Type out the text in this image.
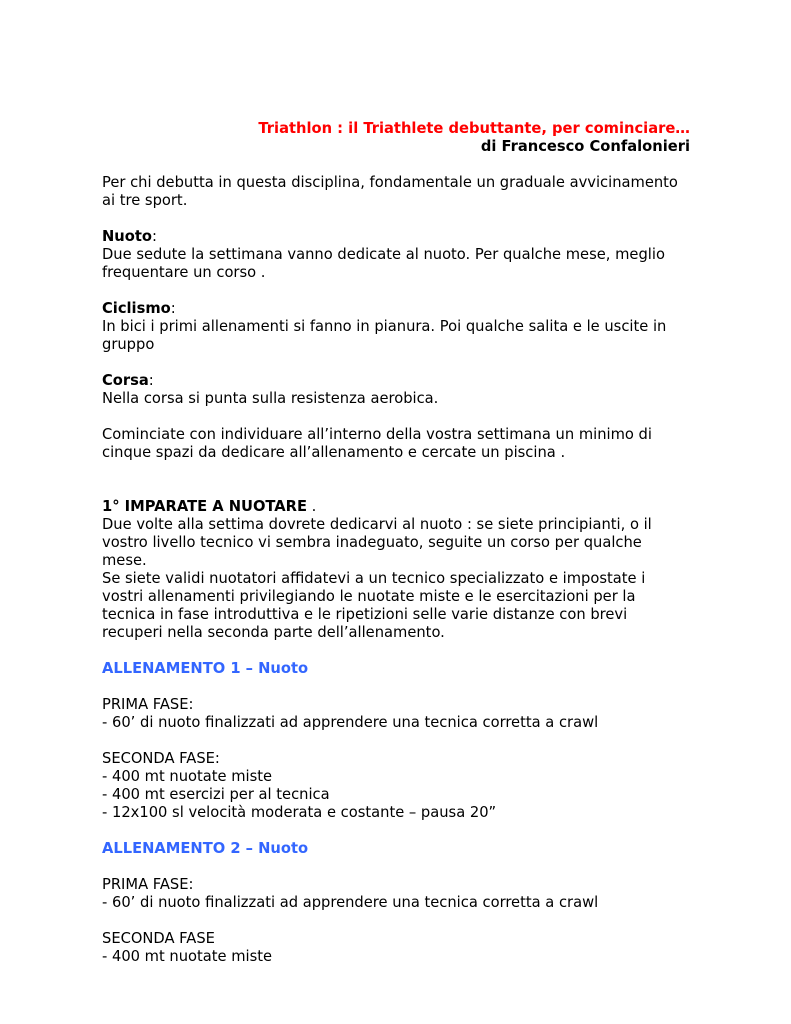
Triathlon : il Triathlete debuttante, per cominciare…
di Francesco Confalonieri

Per chi debutta in questa disciplina, fondamentale un graduale avvicinamento ai tre sport.

Nuoto:

Due sedute la settimana vanno dedicate al nuoto. Per qualche mese, meglio frequentare un corso .

Ciclismo:

In bici i primi allenamenti si fanno in pianura. Poi qualche salita e le uscite in gruppo

Corsa:

Nella corsa si punta sulla resistenza aerobica.

Cominciate con individuare all’interno della vostra settimana un minimo di cinque spazi da dedicare all’allenamento e cercate un piscina .

1° IMPARATE A NUOTARE .

Due volte alla settima dovrete dedicarvi al nuoto : se siete principianti, o il vostro livello tecnico vi sembra inadeguato, seguite un corso per qualche mese.

Se siete validi nuotatori affidatevi a un tecnico specializzato e impostate i vostri allenamenti privilegiando le nuotate miste e le esercitazioni per la tecnica in fase introduttiva e le ripetizioni selle varie distanze con brevi recuperi nella seconda parte dell’allenamento.

ALLENAMENTO 1 – Nuoto

PRIMA FASE:

- 60’ di nuoto finalizzati ad apprendere una tecnica corretta a crawl

SECONDA FASE:

- 400 mt nuotate miste

- 400 mt esercizi per al tecnica

- 12x100 sl velocità moderata e costante – pausa 20”

ALLENAMENTO 2 – Nuoto

PRIMA FASE:

- 60’ di nuoto finalizzati ad apprendere una tecnica corretta a crawl

SECONDA FASE

- 400 mt nuotate miste
